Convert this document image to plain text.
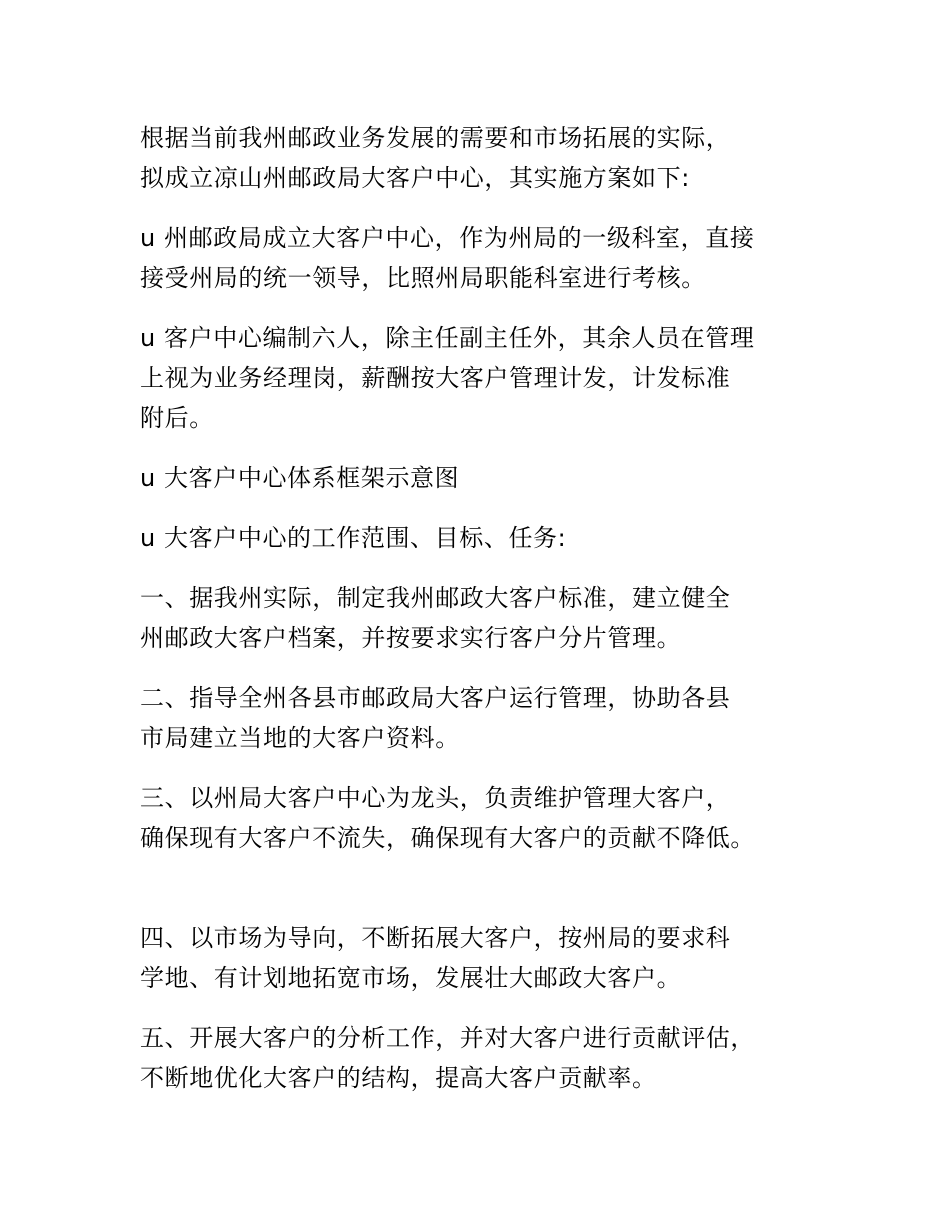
根据当前我州邮政业务发展的需要和市场拓展的实际，
拟成立凉山州邮政局大客户中心，其实施方案如下:

u 州邮政局成立大客户中心，作为州局的一级科室，直接
接受州局的统一领导，比照州局职能科室进行考核。

u 客户中心编制六人，除主任副主任外，其余人员在管理
上视为业务经理岗，薪酬按大客户管理计发，计发标准
附后。

u 大客户中心体系框架示意图

u 大客户中心的工作范围、目标、任务:

一、据我州实际，制定我州邮政大客户标准，建立健全
州邮政大客户档案，并按要求实行客户分片管理。

二、指导全州各县市邮政局大客户运行管理，协助各县
市局建立当地的大客户资料。

三、以州局大客户中心为龙头，负责维护管理大客户，
确保现有大客户不流失，确保现有大客户的贡献不降低。

四、以市场为导向，不断拓展大客户，按州局的要求科
学地、有计划地拓宽市场，发展壮大邮政大客户。

五、开展大客户的分析工作，并对大客户进行贡献评估，
不断地优化大客户的结构，提高大客户贡献率。
